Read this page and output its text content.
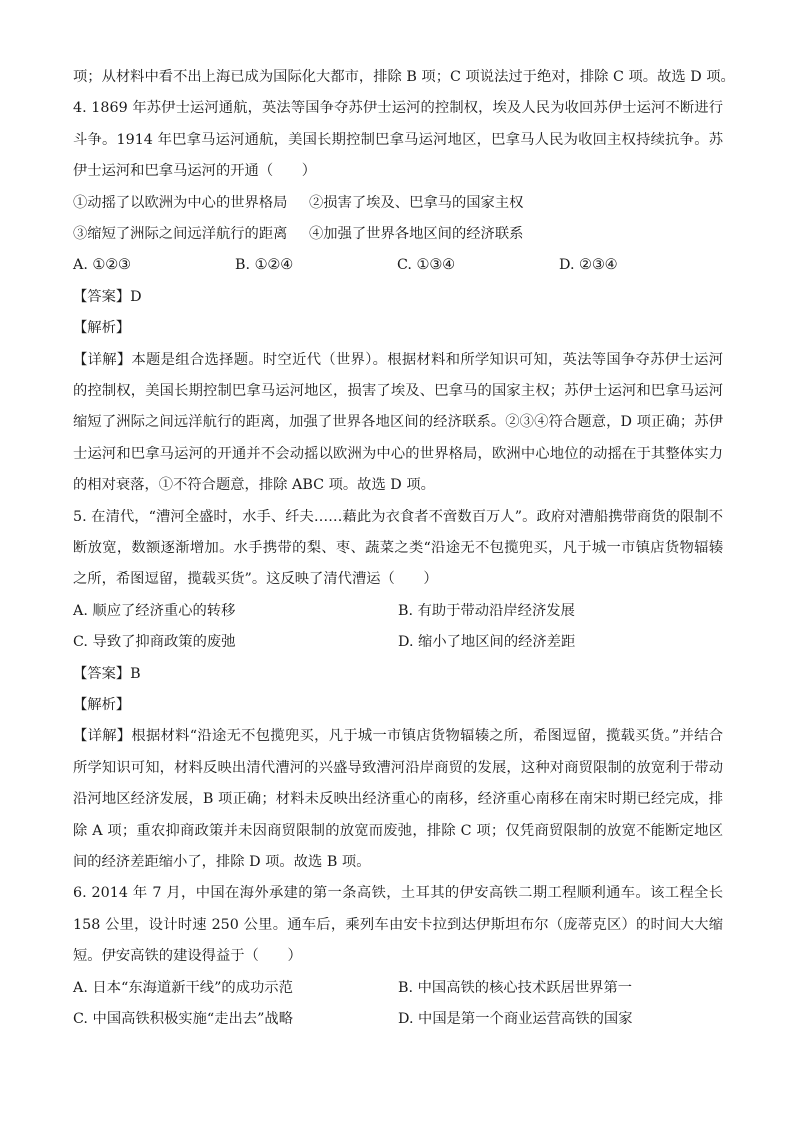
项；从材料中看不出上海已成为国际化大都市，排除 B 项；C 项说法过于绝对，排除 C 项。故选 D 项。
4. 1869 年苏伊士运河通航，英法等国争夺苏伊士运河的控制权，埃及人民为收回苏伊士运河不断进行斗争。1914 年巴拿马运河通航，美国长期控制巴拿马运河地区，巴拿马人民为收回主权持续抗争。苏伊士运河和巴拿马运河的开通（　　）
①动摇了以欧洲为中心的世界格局 ②损害了埃及、巴拿马的国家主权
③缩短了洲际之间远洋航行的距离 ④加强了世界各地区间的经济联系
A. ①②③	B. ①②④	C. ①③④	D. ②③④
【答案】D
【解析】
【详解】本题是组合选择题。时空近代（世界）。根据材料和所学知识可知，英法等国争夺苏伊士运河的控制权，美国长期控制巴拿马运河地区，损害了埃及、巴拿马的国家主权；苏伊士运河和巴拿马运河缩短了洲际之间远洋航行的距离，加强了世界各地区间的经济联系。②③④符合题意，D 项正确；苏伊士运河和巴拿马运河的开通并不会动摇以欧洲为中心的世界格局，欧洲中心地位的动摇在于其整体实力的相对衰落，①不符合题意，排除 ABC 项。故选 D 项。
5. 在清代，“漕河全盛时，水手、纤夫……藉此为衣食者不啻数百万人”。政府对漕船携带商货的限制不断放宽，数额逐渐增加。水手携带的梨、枣、蔬菜之类“沿途无不包揽兜买，凡于城一市镇店货物辐辏之所，希图逗留，揽载买货”。这反映了清代漕运（　　）
A. 顺应了经济重心的转移	B. 有助于带动沿岸经济发展
C. 导致了抑商政策的废弛	D. 缩小了地区间的经济差距
【答案】B
【解析】
【详解】根据材料“沿途无不包揽兜买，凡于城一市镇店货物辐辏之所，希图逗留，揽载买货。”并结合所学知识可知，材料反映出清代漕河的兴盛导致漕河沿岸商贸的发展，这种对商贸限制的放宽利于带动沿河地区经济发展，B 项正确；材料未反映出经济重心的南移，经济重心南移在南宋时期已经完成，排除 A 项；重农抑商政策并未因商贸限制的放宽而废弛，排除 C 项；仅凭商贸限制的放宽不能断定地区间的经济差距缩小了，排除 D 项。故选 B 项。
6. 2014 年 7 月，中国在海外承建的第一条高铁，土耳其的伊安高铁二期工程顺利通车。该工程全长 158 公里，设计时速 250 公里。通车后，乘列车由安卡拉到达伊斯坦布尔（庞蒂克区）的时间大大缩短。伊安高铁的建设得益于（　　）
A. 日本“东海道新干线”的成功示范	B. 中国高铁的核心技术跃居世界第一
C. 中国高铁积极实施“走出去”战略	D. 中国是第一个商业运营高铁的国家
